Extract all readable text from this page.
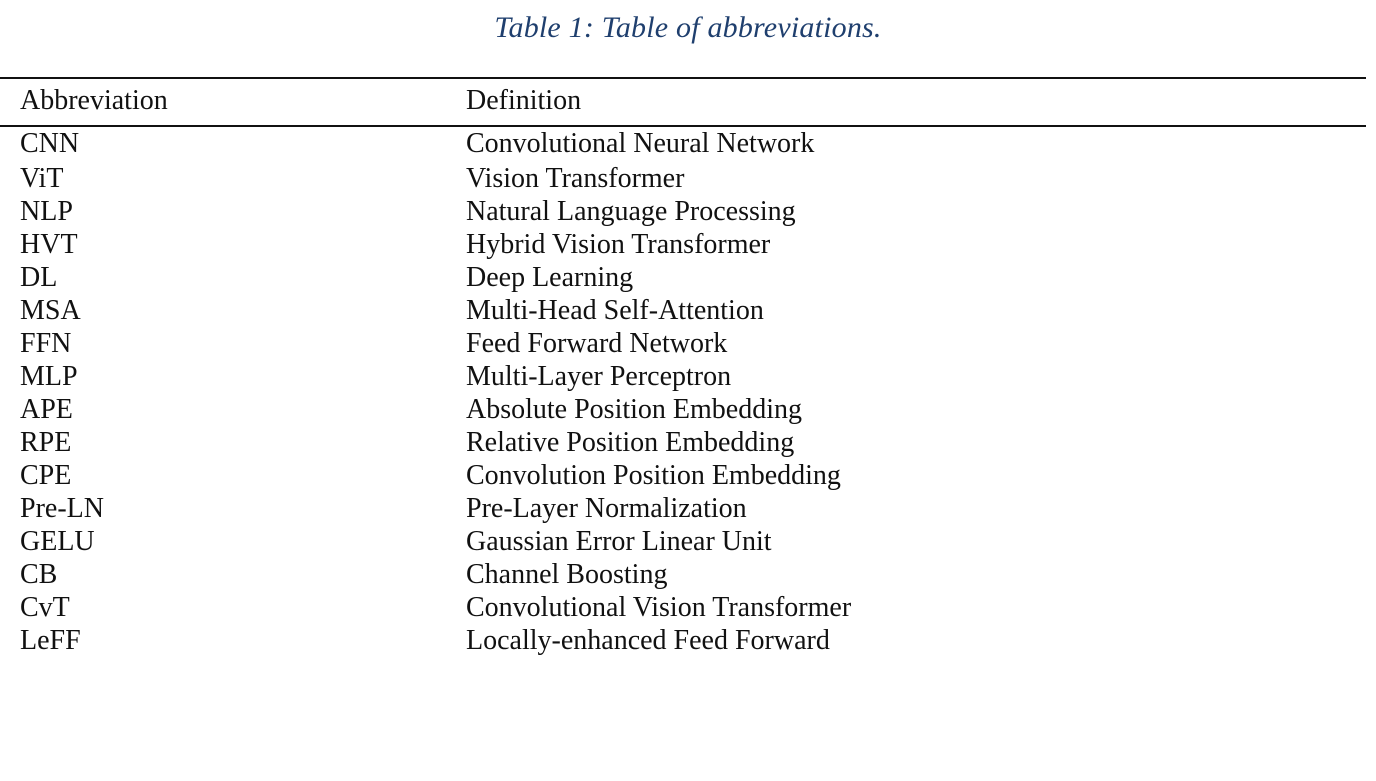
Table 1: Table of abbreviations.
Abbreviation	Definition
CNN	Convolutional Neural Network
ViT	Vision Transformer
NLP	Natural Language Processing
HVT	Hybrid Vision Transformer
DL	Deep Learning
MSA	Multi-Head Self-Attention
FFN	Feed Forward Network
MLP	Multi-Layer Perceptron
APE	Absolute Position Embedding
RPE	Relative Position Embedding
CPE	Convolution Position Embedding
Pre-LN	Pre-Layer Normalization
GELU	Gaussian Error Linear Unit
CB	Channel Boosting
CvT	Convolutional Vision Transformer
LeFF	Locally-enhanced Feed Forward
